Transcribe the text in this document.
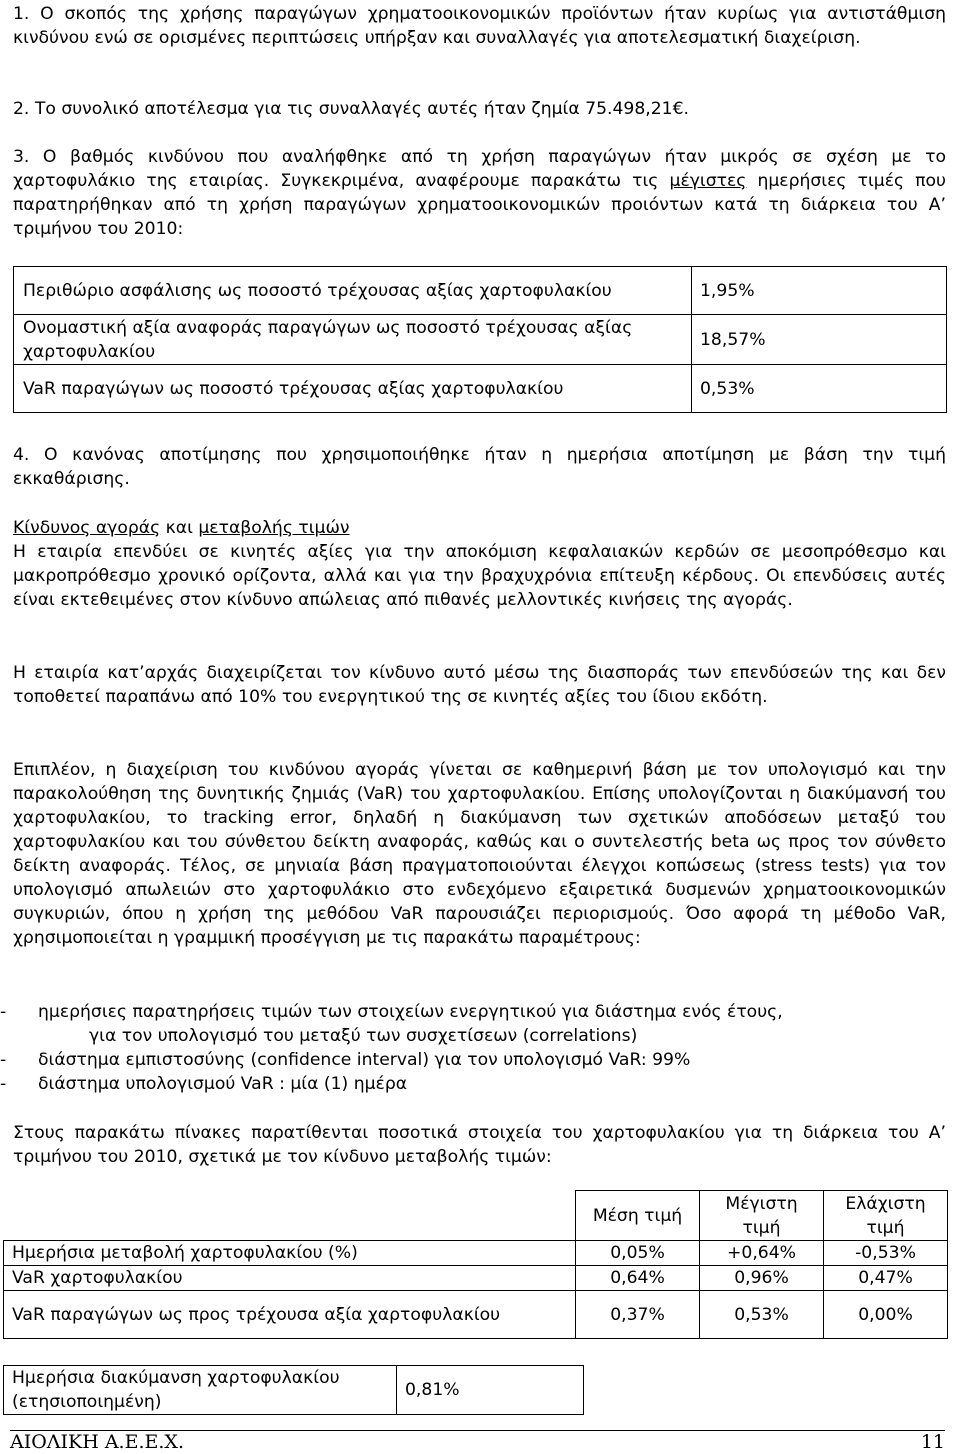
1. Ο σκοπός της χρήσης παραγώγων χρηματοοικονομικών προϊόντων ήταν κυρίως για αντιστάθμιση κινδύνου ενώ σε ορισμένες περιπτώσεις υπήρξαν και συναλλαγές για αποτελεσματική διαχείριση.

2. Το συνολικό αποτέλεσμα για τις συναλλαγές αυτές ήταν ζημία 75.498,21€.

3. Ο βαθμός κινδύνου που αναλήφθηκε από τη χρήση παραγώγων ήταν μικρός σε σχέση με το χαρτοφυλάκιο της εταιρίας. Συγκεκριμένα, αναφέρουμε παρακάτω τις μέγιστες ημερήσιες τιμές που παρατηρήθηκαν από τη χρήση παραγώγων χρηματοοικονομικών προιόντων κατά τη διάρκεια του Α’ τριμήνου του 2010:

Περιθώριο ασφάλισης ως ποσοστό τρέχουσας αξίας χαρτοφυλακίου	1,95%
Ονομαστική αξία αναφοράς παραγώγων ως ποσοστό τρέχουσας αξίας χαρτοφυλακίου	18,57%
VaR παραγώγων ως ποσοστό τρέχουσας αξίας χαρτοφυλακίου	0,53%

4. Ο κανόνας αποτίμησης που χρησιμοποιήθηκε ήταν η ημερήσια αποτίμηση με βάση την τιμή εκκαθάρισης.

Κίνδυνος αγοράς και μεταβολής τιμών

Η εταιρία επενδύει σε κινητές αξίες για την αποκόμιση κεφαλαιακών κερδών σε μεσοπρόθεσμο και μακροπρόθεσμο χρονικό ορίζοντα, αλλά και για την βραχυχρόνια επίτευξη κέρδους. Οι επενδύσεις αυτές είναι εκτεθειμένες στον κίνδυνο απώλειας από πιθανές μελλοντικές κινήσεις της αγοράς.

Η εταιρία κατ’αρχάς διαχειρίζεται τον κίνδυνο αυτό μέσω της διασποράς των επενδύσεών της και δεν τοποθετεί παραπάνω από 10% του ενεργητικού της σε κινητές αξίες του ίδιου εκδότη.

Επιπλέον, η διαχείριση του κινδύνου αγοράς γίνεται σε καθημερινή βάση με τον υπολογισμό και την παρακολούθηση της δυνητικής ζημιάς (VaR) του χαρτοφυλακίου. Επίσης υπολογίζονται η διακύμανσή του χαρτοφυλακίου, το tracking error, δηλαδή η διακύμανση των σχετικών αποδόσεων μεταξύ του χαρτοφυλακίου και του σύνθετου δείκτη αναφοράς, καθώς και ο συντελεστής beta ως προς τον σύνθετο δείκτη αναφοράς. Τέλος, σε μηνιαία βάση πραγματοποιούνται έλεγχοι κοπώσεως (stress tests) για τον υπολογισμό απωλειών στο χαρτοφυλάκιο στο ενδεχόμενο εξαιρετικά δυσμενών χρηματοοικονομικών συγκυριών, όπου η χρήση της μεθόδου VaR παρουσιάζει περιορισμούς. Όσο αφορά τη μέθοδο VaR, χρησιμοποιείται η γραμμική προσέγγιση με τις παρακάτω παραμέτρους:

-	ημερήσιες παρατηρήσεις τιμών των στοιχείων ενεργητικού για διάστημα ενός έτους,
για τον υπολογισμό του μεταξύ των συσχετίσεων (correlations)
-	διάστημα εμπιστοσύνης (confidence interval) για τον υπολογισμό VaR: 99%
-	διάστημα υπολογισμού VaR : μία (1) ημέρα

Στους παρακάτω πίνακες παρατίθενται ποσοτικά στοιχεία του χαρτοφυλακίου για τη διάρκεια του Α’ τριμήνου του 2010, σχετικά με τον κίνδυνο μεταβολής τιμών:

	Μέση τιμή	Μέγιστη τιμή	Ελάχιστη τιμή
Ημερήσια μεταβολή χαρτοφυλακίου (%)	0,05%	+0,64%	-0,53%
VaR χαρτοφυλακίου	0,64%	0,96%	0,47%
VaR παραγώγων ως προς τρέχουσα αξία χαρτοφυλακίου	0,37%	0,53%	0,00%
Ημερήσια διακύμανση χαρτοφυλακίου (ετησιοποιημένη)	0,81%
ΑΙΟΛΙΚΗ Α.Ε.Ε.Χ.	11
